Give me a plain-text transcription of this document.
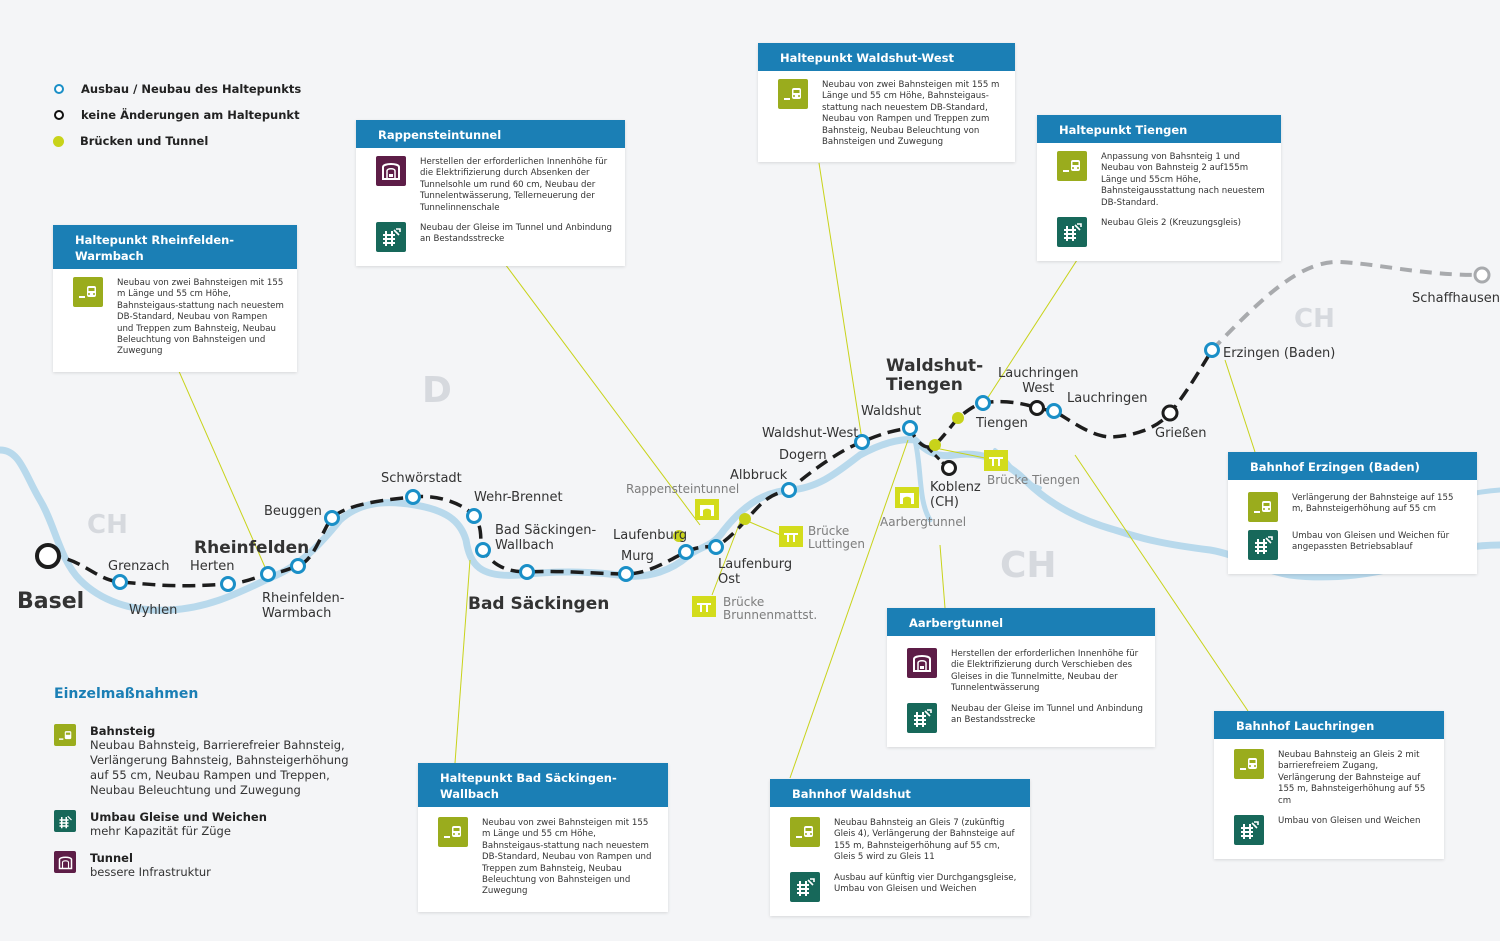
D
CH
CH
CH
Basel
Grenzach
Wyhlen
Herten
Rheinfelden
Rheinfelden-
Warmbach
Beuggen
Schwörstadt
Wehr-Brennet
Bad Säckingen-
Wallbach
Bad Säckingen
Murg
Laufenburg
Laufenburg
Ost
Albbruck
Dogern
Waldshut-West
Waldshut
Waldshut-
Tiengen
Koblenz
(CH)
Tiengen
Lauchringen
West
Lauchringen
Grießen
Erzingen (Baden)
Schaffhausen
Rappensteintunnel
Brücke
Luttingen
Brücke
Brunnenmattst.
Aarbergtunnel
Brücke Tiengen
Ausbau / Neubau des Haltepunkts
keine Änderungen am Haltepunkt
Brücken und Tunnel
Haltepunkt Rheinfelden-Warmbach
Neubau von zwei Bahnsteigen mit 155 m Länge und 55 cm Höhe, Bahnsteigaus-stattung nach neuestem DB-Standard, Neubau von Rampen und Treppen zum Bahnsteig, Neubau Beleuchtung von Bahnsteigen und Zuwegung
Rappensteintunnel
Herstellen der erforderlichen Innenhöhe für die Elektrifizierung durch Absenken der Tunnelsohle um rund 60 cm, Neubau der Tunnelentwässerung, Tellerneuerung der Tunnelinnenschale
Neubau der Gleise im Tunnel und Anbindung an Bestandsstrecke
Haltepunkt Waldshut-West
Neubau von zwei Bahnsteigen mit 155 m Länge und 55 cm Höhe, Bahnsteigaus-stattung nach neuestem DB-Standard, Neubau von Rampen und Treppen zum Bahnsteig, Neubau Beleuchtung von Bahnsteigen und Zuwegung
Haltepunkt Tiengen
Anpassung von Bahsnteig 1 und Neubau von Bahnsteig 2 auf155m Länge und 55cm Höhe, Bahnsteigausstattung nach neuestem DB-Standard.
Neubau Gleis 2 (Kreuzungsgleis)
Bahnhof Erzingen (Baden)
Verlängerung der Bahnsteige auf 155 m, Bahnsteigerhöhung auf 55 cm
Umbau von Gleisen und Weichen für angepassten Betriebsablauf
Aarbergtunnel
Herstellen der erforderlichen Innenhöhe für die Elektrifizierung durch Verschieben des Gleises in die Tunnelmitte, Neubau der Tunnelentwässerung
Neubau der Gleise im Tunnel und Anbindung an Bestandsstrecke	Bahnhof Lauchringen
Neubau Bahnsteig an Gleis 2 mit barrierefreiem Zugang, Verlängerung der Bahnsteige auf 155 m, Bahnsteigerhöhung auf 55 cm
Umbau von Gleisen und Weichen
Bahnhof Waldshut
Neubau Bahnsteig an Gleis 7 (zukünftig Gleis 4), Verlängerung der Bahnsteige auf 155 m, Bahnsteigerhöhung auf 55 cm, Gleis 5 wird zu Gleis 11
Ausbau auf künftig vier Durchgangsgleise, Umbau von Gleisen und Weichen
Haltepunkt Bad Säckingen-Wallbach
Neubau von zwei Bahnsteigen mit 155 m Länge und 55 cm Höhe, Bahnsteigaus-stattung nach neuestem DB-Standard, Neubau von Rampen und Treppen zum Bahnsteig, Neubau Beleuchtung von Bahnsteigen und Zuwegung
Einzelmaßnahmen
Bahnsteig
Neubau Bahnsteig, Barrierefreier Bahnsteig,
Verlängerung Bahnsteig, Bahnsteigerhöhung
auf 55 cm, Neubau Rampen und Treppen,
Neubau Beleuchtung und Zuwegung
Umbau Gleise und Weichen
mehr Kapazität für Züge
Tunnel
bessere Infrastruktur
